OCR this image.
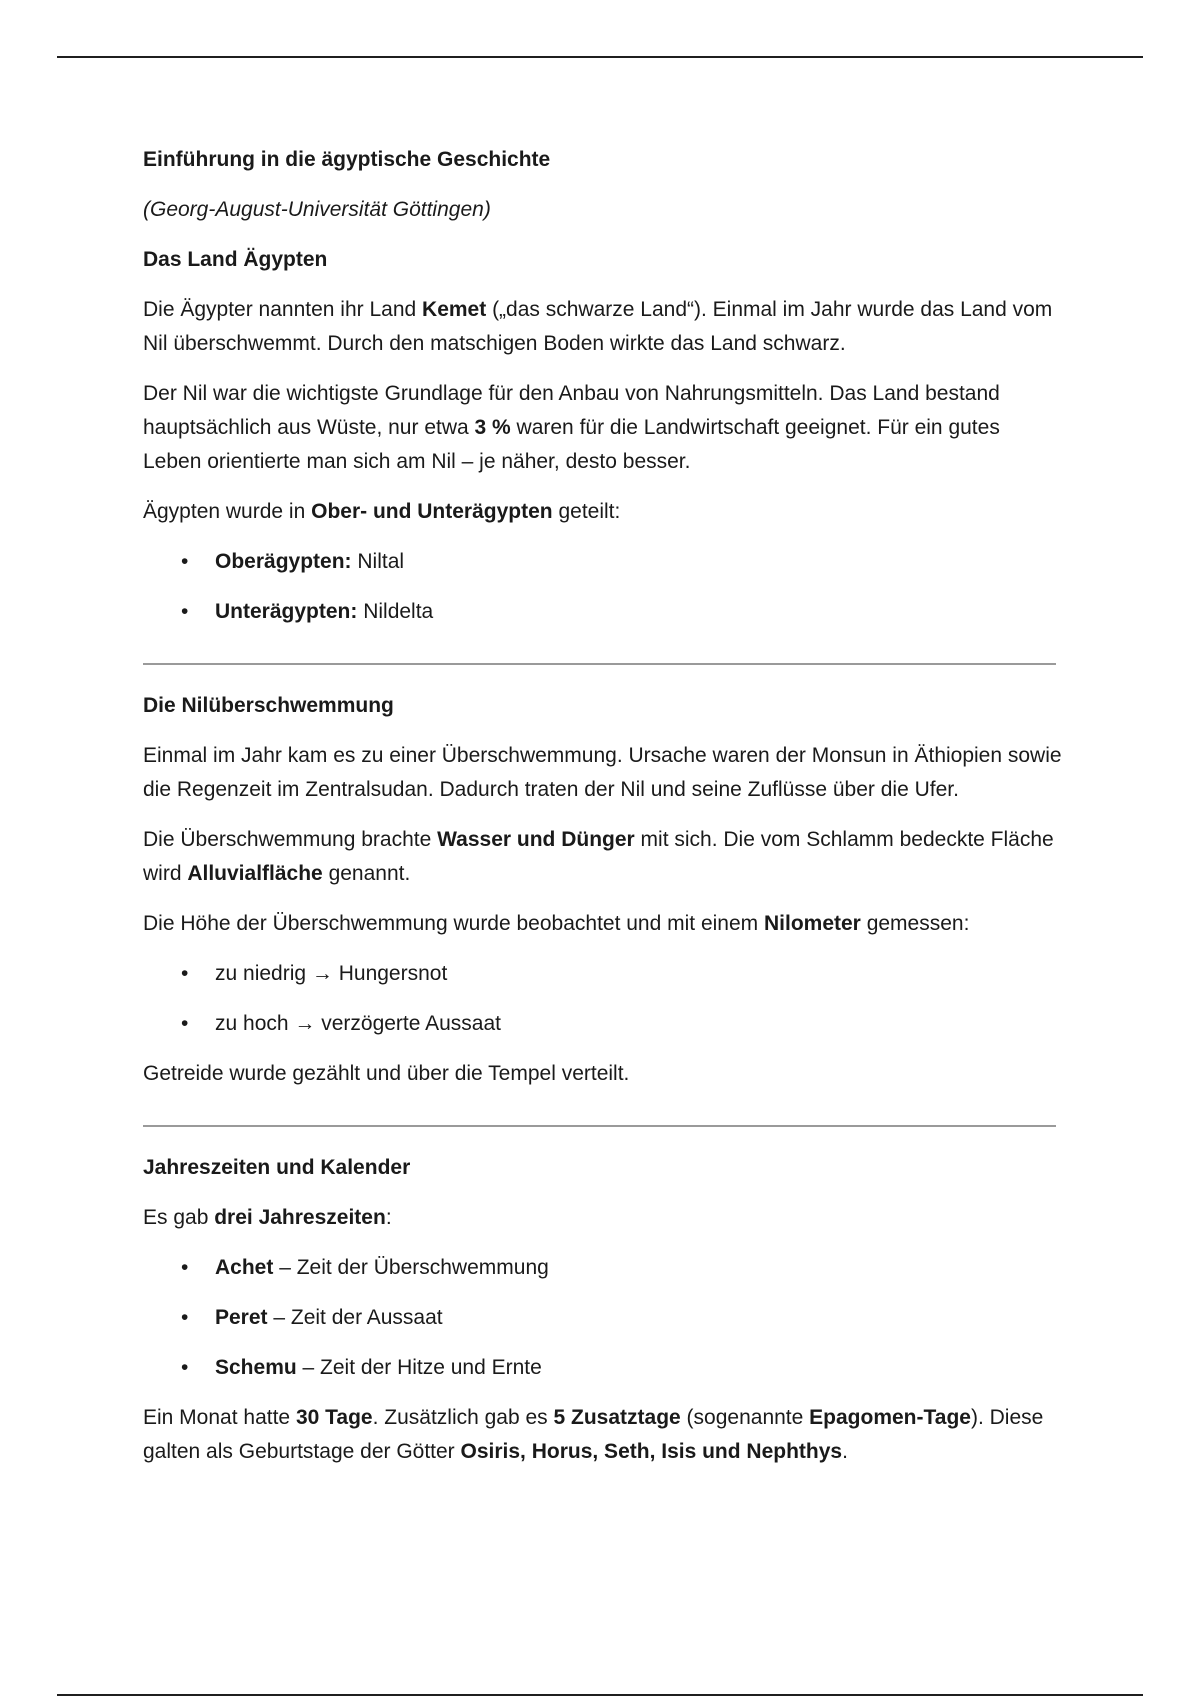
Einführung in die ägyptische Geschichte

(Georg-August-Universität Göttingen)

Das Land Ägypten

Die Ägypter nannten ihr Land Kemet („das schwarze Land“). Einmal im Jahr wurde das Land vom Nil überschwemmt. Durch den matschigen Boden wirkte das Land schwarz.

Der Nil war die wichtigste Grundlage für den Anbau von Nahrungsmitteln. Das Land bestand hauptsächlich aus Wüste, nur etwa 3 % waren für die Landwirtschaft geeignet. Für ein gutes Leben orientierte man sich am Nil – je näher, desto besser.

Ägypten wurde in Ober- und Unterägypten geteilt:

• Oberägypten: Niltal
• Unterägypten: Nildelta
Die Nilüberschwemmung

Einmal im Jahr kam es zu einer Überschwemmung. Ursache waren der Monsun in Äthiopien sowie die Regenzeit im Zentralsudan. Dadurch traten der Nil und seine Zuflüsse über die Ufer.

Die Überschwemmung brachte Wasser und Dünger mit sich. Die vom Schlamm bedeckte Fläche wird Alluvialfläche genannt.

Die Höhe der Überschwemmung wurde beobachtet und mit einem Nilometer gemessen:

• zu niedrig → Hungersnot
• zu hoch → verzögerte Aussaat

Getreide wurde gezählt und über die Tempel verteilt.

Jahreszeiten und Kalender

Es gab drei Jahreszeiten:

• Achet – Zeit der Überschwemmung
• Peret – Zeit der Aussaat
• Schemu – Zeit der Hitze und Ernte

Ein Monat hatte 30 Tage. Zusätzlich gab es 5 Zusatztage (sogenannte Epagomen-Tage). Diese galten als Geburtstage der Götter Osiris, Horus, Seth, Isis und Nephthys.
